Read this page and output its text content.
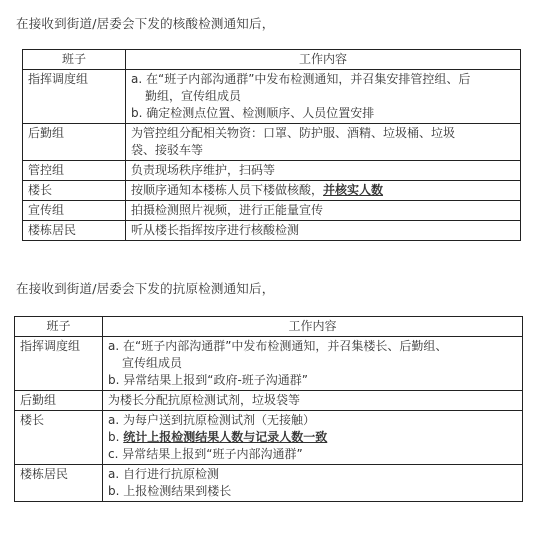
在接收到街道/居委会下发的核酸检测通知后，
班子	工作内容
指挥调度组	a. 在“班子内部沟通群”中发布检测通知，并召集安排管控组、后
勤组，宣传组成员
b. 确定检测点位置、检测顺序、人员位置安排

后勤组	为管控组分配相关物资：口罩、防护服、酒精、垃圾桶、垃圾
袋、接驳车等

管控组	负责现场秩序维护，扫码等
楼长	按顺序通知本楼栋人员下楼做核酸，并核实人数
宣传组	拍摄检测照片视频，进行正能量宣传
楼栋居民	听从楼长指挥按序进行核酸检测
在接收到街道/居委会下发的抗原检测通知后，
班子	工作内容
指挥调度组	a. 在“班子内部沟通群”中发布检测通知，并召集楼长、后勤组、
宣传组成员
b. 异常结果上报到“政府-班子沟通群”

后勤组	为楼长分配抗原检测试剂，垃圾袋等
楼长	a. 为每户送到抗原检测试剂（无接触）
b. 统计上报检测结果人数与记录人数一致
c. 异常结果上报到“班子内部沟通群”

楼栋居民	a. 自行进行抗原检测
b. 上报检测结果到楼长
